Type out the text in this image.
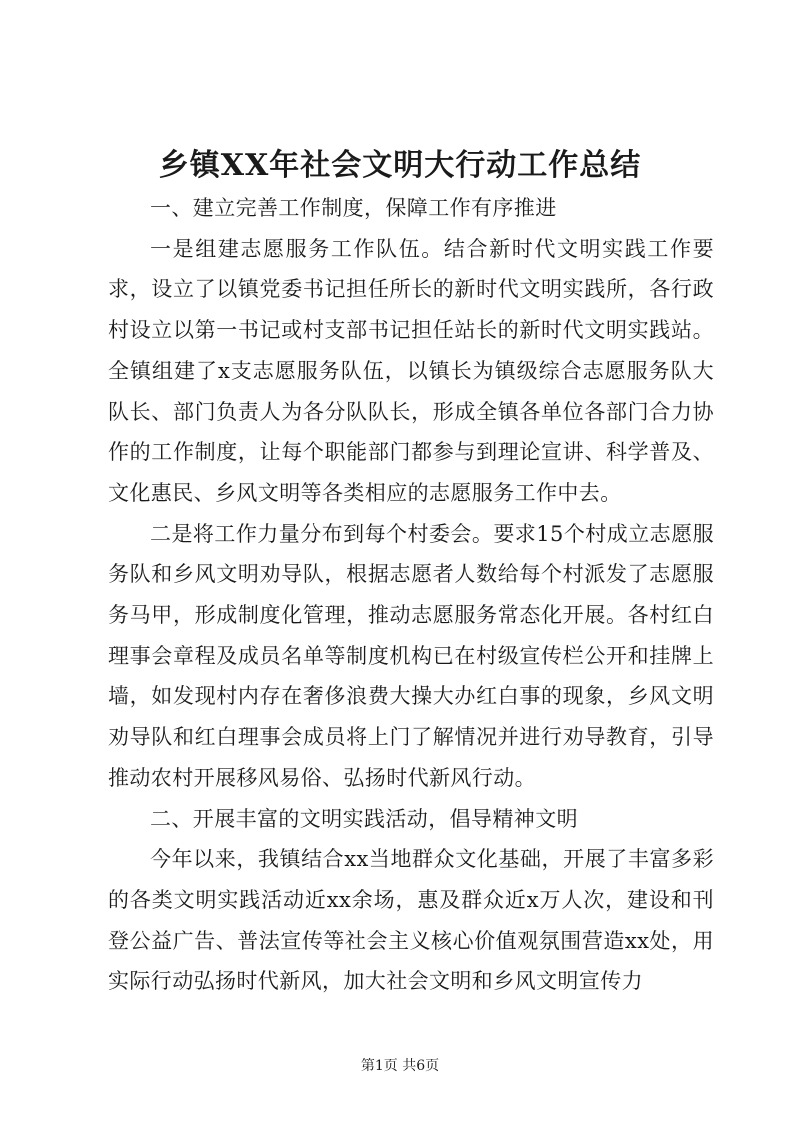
乡镇XX年社会文明大行动工作总结

一、建立完善工作制度，保障工作有序推进

一是组建志愿服务工作队伍。结合新时代文明实践工作要求，设立了以镇党委书记担任所长的新时代文明实践所，各行政村设立以第一书记或村支部书记担任站长的新时代文明实践站。全镇组建了x支志愿服务队伍，以镇长为镇级综合志愿服务队大队长、部门负责人为各分队队长，形成全镇各单位各部门合力协作的工作制度，让每个职能部门都参与到理论宣讲、科学普及、文化惠民、乡风文明等各类相应的志愿服务工作中去。

二是将工作力量分布到每个村委会。要求15个村成立志愿服务队和乡风文明劝导队，根据志愿者人数给每个村派发了志愿服务马甲，形成制度化管理，推动志愿服务常态化开展。各村红白理事会章程及成员名单等制度机构已在村级宣传栏公开和挂牌上墙，如发现村内存在奢侈浪费大操大办红白事的现象，乡风文明劝导队和红白理事会成员将上门了解情况并进行劝导教育，引导推动农村开展移风易俗、弘扬时代新风行动。

二、开展丰富的文明实践活动，倡导精神文明

今年以来，我镇结合xx当地群众文化基础，开展了丰富多彩的各类文明实践活动近xx余场，惠及群众近x万人次，建设和刊登公益广告、普法宣传等社会主义核心价值观氛围营造xx处，用实际行动弘扬时代新风，加大社会文明和乡风文明宣传力

第1页 共6页
